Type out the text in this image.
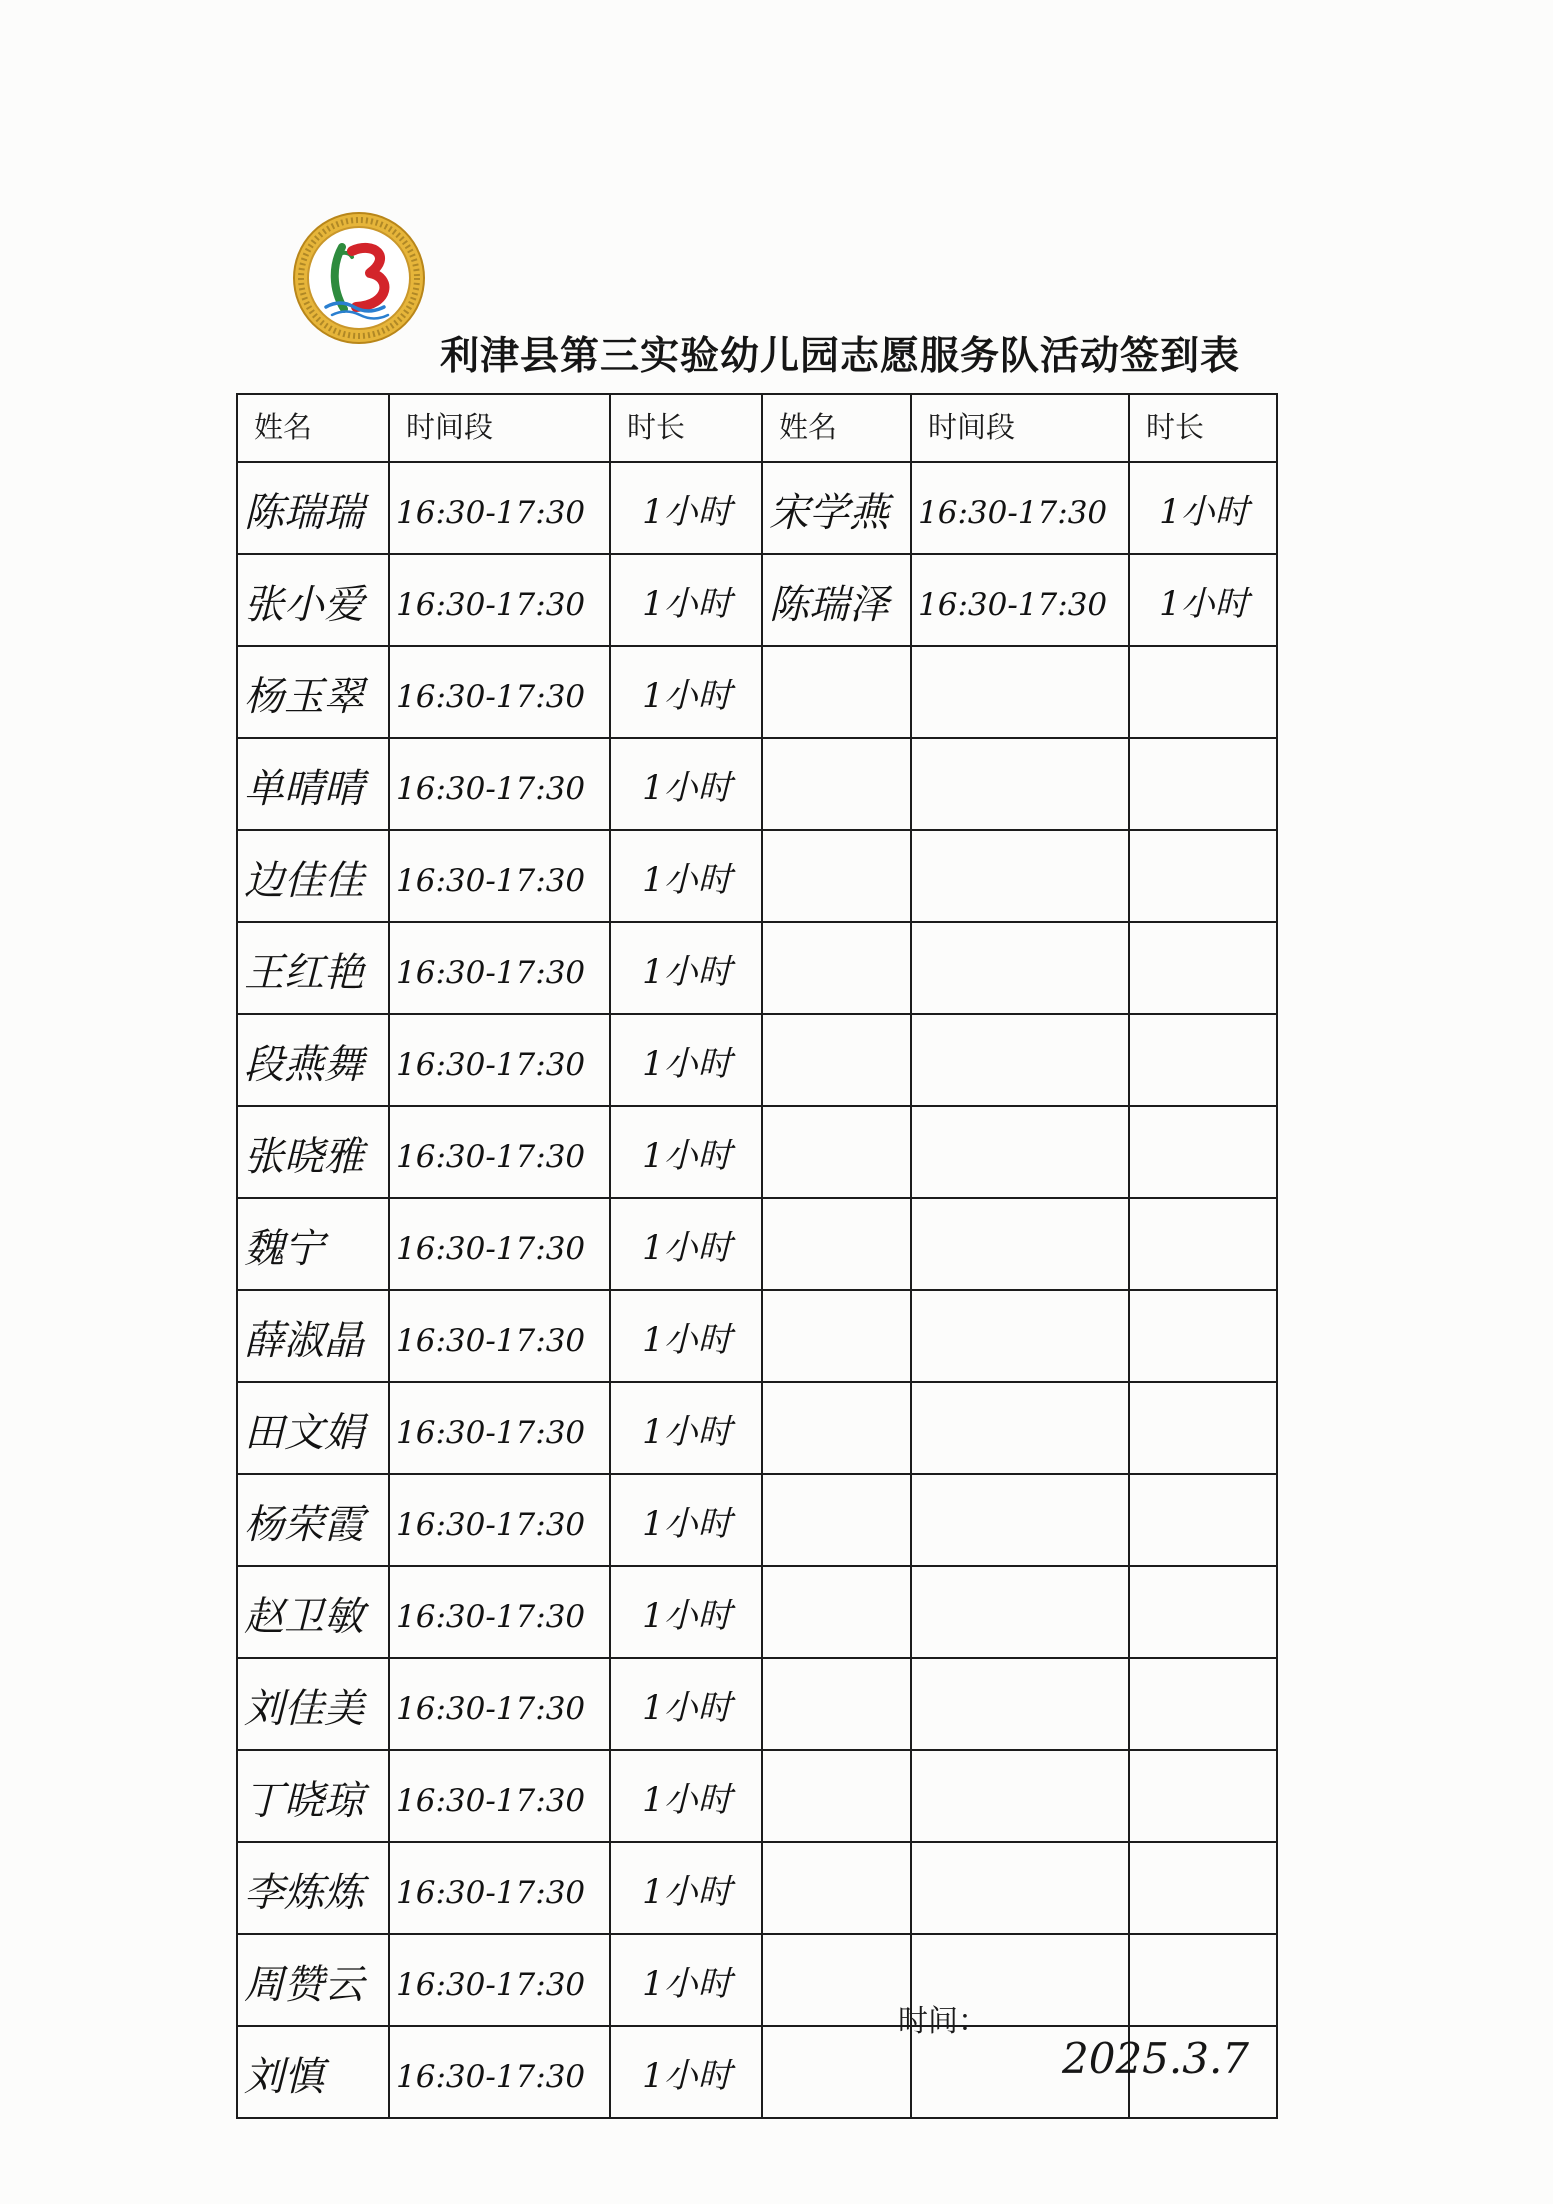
利津县第三实验幼儿园志愿服务队活动签到表
姓名	时间段	时长	姓名	时间段	时长
陈瑞瑞	16:30-17:30	1小时	宋学燕	16:30-17:30	1小时
张小爱	16:30-17:30	1小时	陈瑞泽	16:30-17:30	1小时
杨玉翠	16:30-17:30	1小时			
单晴晴	16:30-17:30	1小时			
边佳佳	16:30-17:30	1小时			
王红艳	16:30-17:30	1小时			
段燕舞	16:30-17:30	1小时			
张晓雅	16:30-17:30	1小时			
魏宁	16:30-17:30	1小时			
薛淑晶	16:30-17:30	1小时			
田文娟	16:30-17:30	1小时			
杨荣霞	16:30-17:30	1小时			
赵卫敏	16:30-17:30	1小时			
刘佳美	16:30-17:30	1小时			
丁晓琼	16:30-17:30	1小时			
李炼炼	16:30-17:30	1小时			
周赞云	16:30-17:30	1小时			
刘慎	16:30-17:30	1小时			
时间：
2025.3.7
